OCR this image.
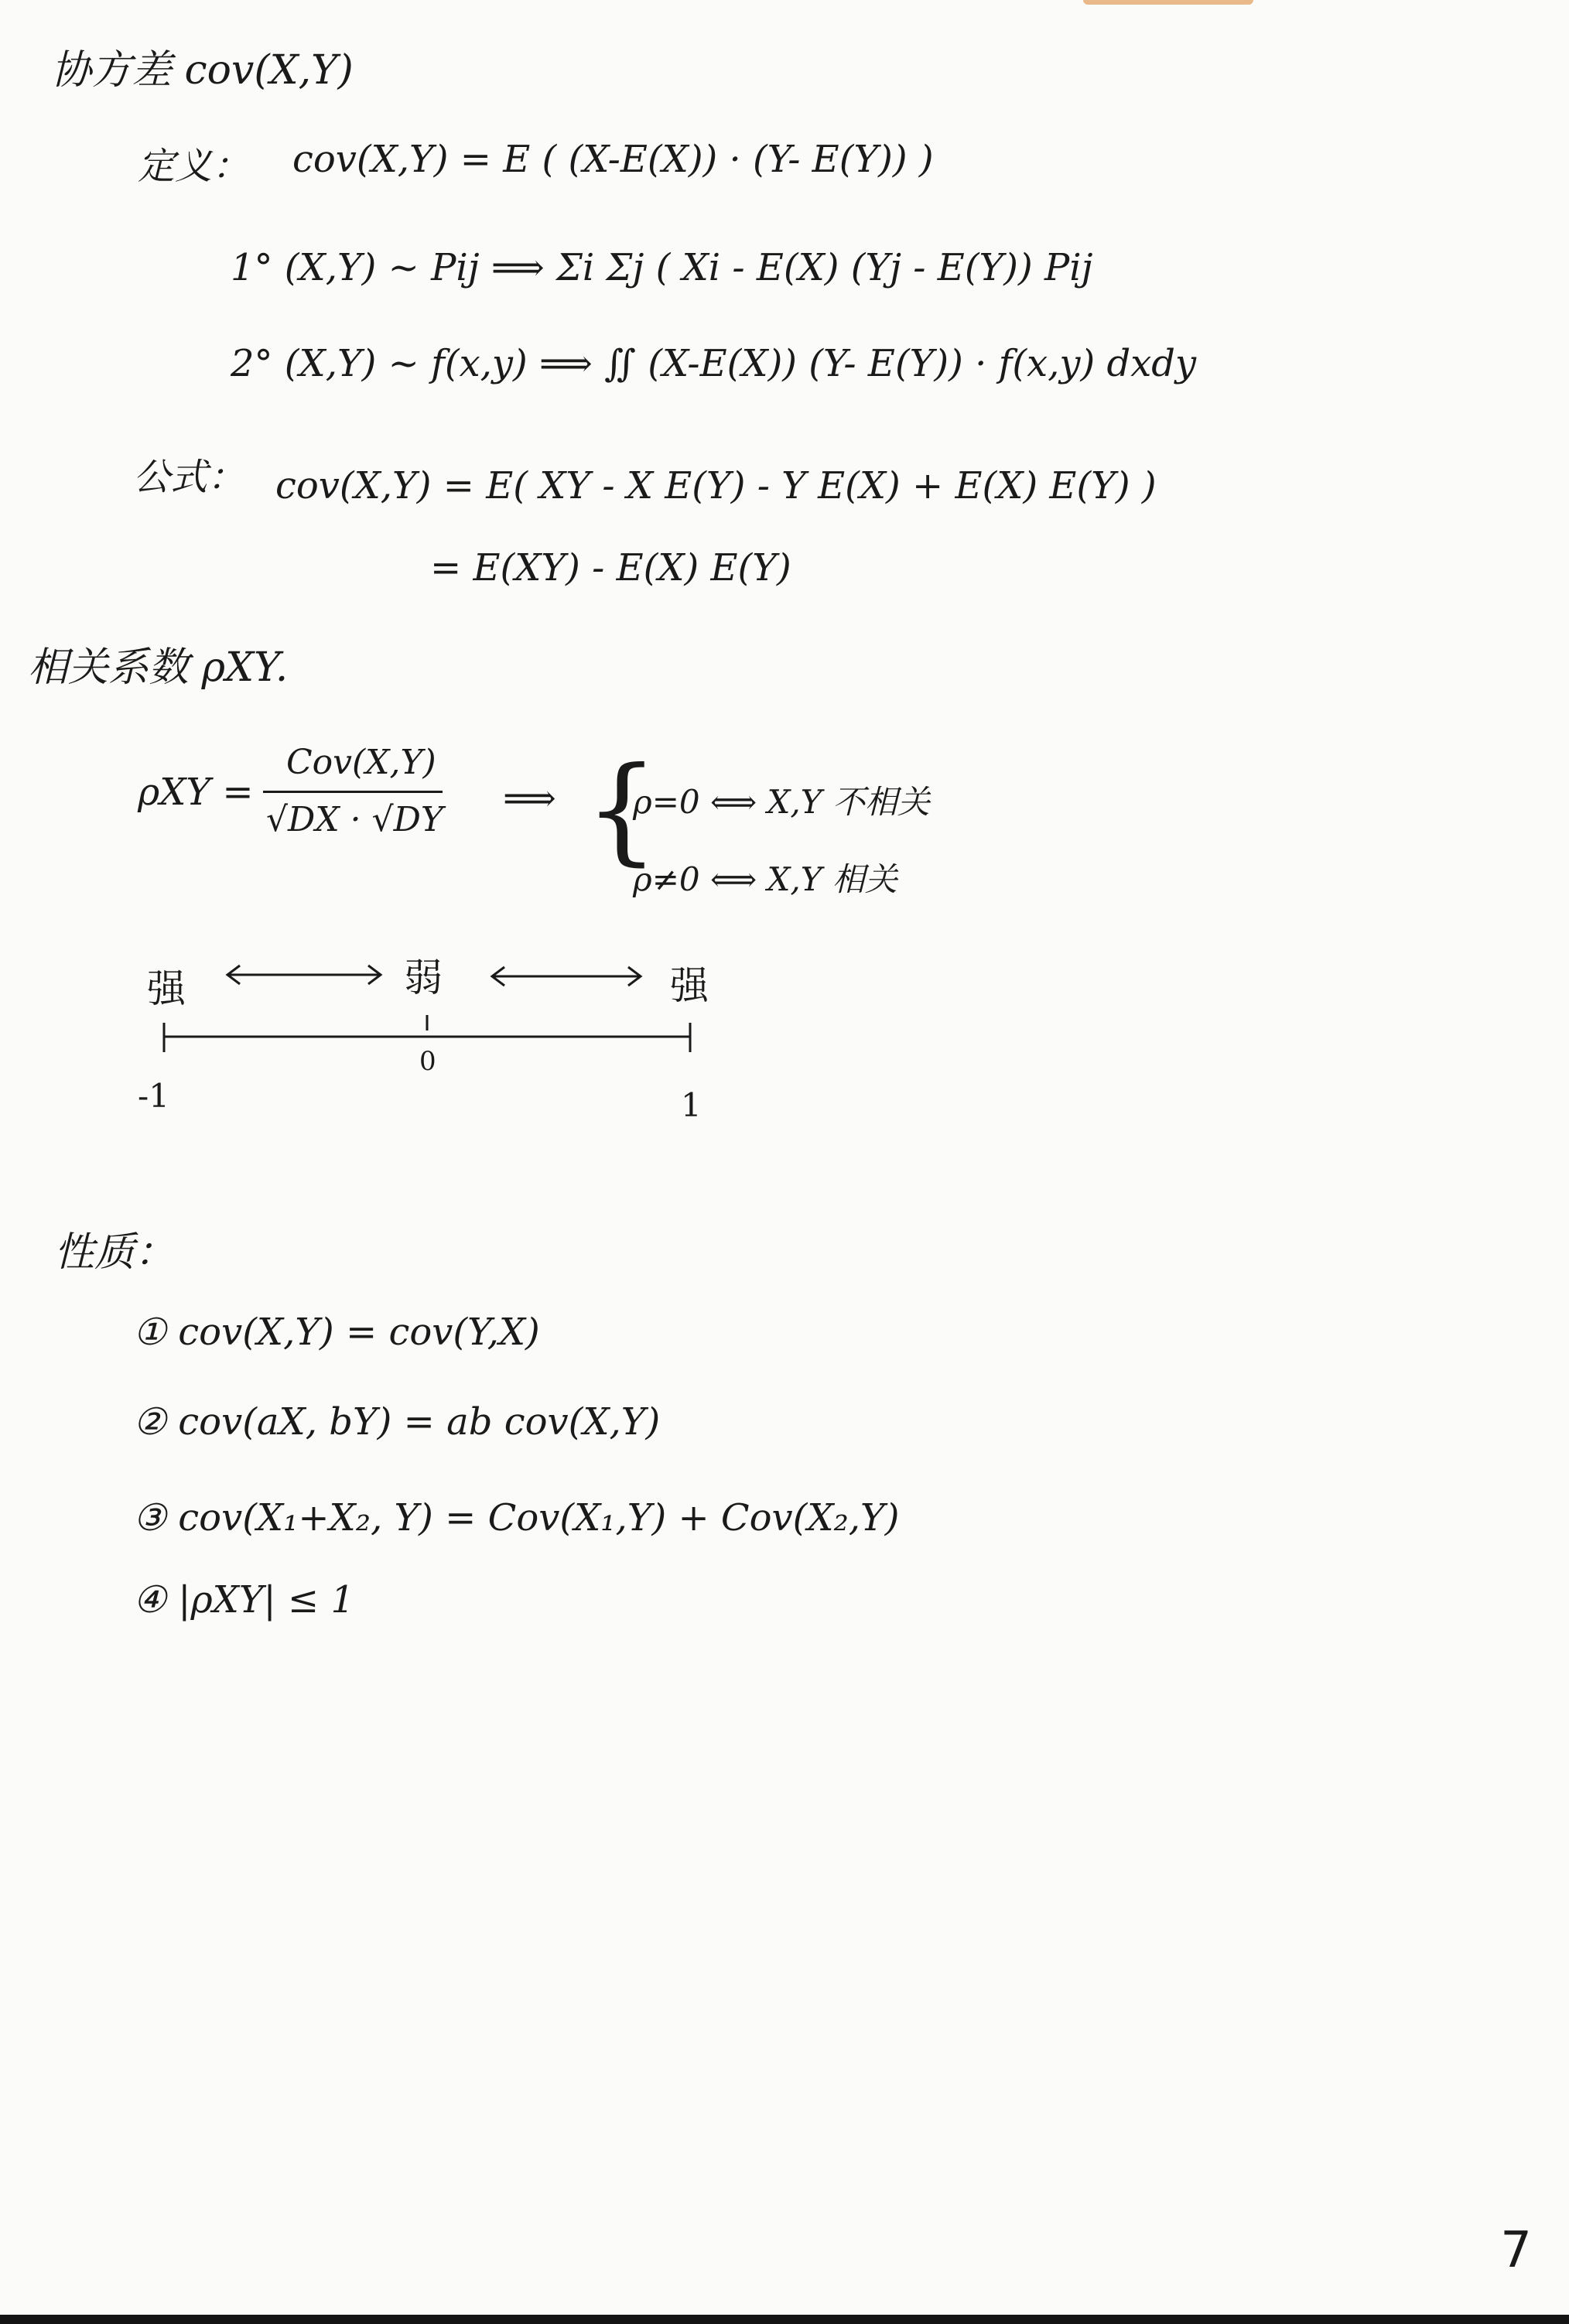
协方差 cov(X,Y)
定义： cov(X,Y) = E ( (X-E(X)) · (Y- E(Y)) )
1° (X,Y) ~ Pij ⟹ Σi Σj ( Xi - E(X) (Yj - E(Y)) Pij
2° (X,Y) ~ f(x,y) ⟹ ∬ (X-E(X)) (Y- E(Y)) · f(x,y) dxdy
公式： cov(X,Y) = E( XY - X E(Y) - Y E(X) + E(X) E(Y) )
= E(XY) - E(X) E(Y)
相关系数 ρXY.
ρXY =
Cov(X,Y)
√DX · √DY ⟹ {
ρ=0 ⟺ X,Y 不相关
ρ≠0 ⟺ X,Y 相关
强	弱	强
-1
0
1
性质：
① cov(X,Y) = cov(Y,X)
② cov(aX, bY) = ab cov(X,Y)
③ cov(X₁+X₂, Y) = Cov(X₁,Y) + Cov(X₂,Y)
④ |ρXY| ≤ 1
7
